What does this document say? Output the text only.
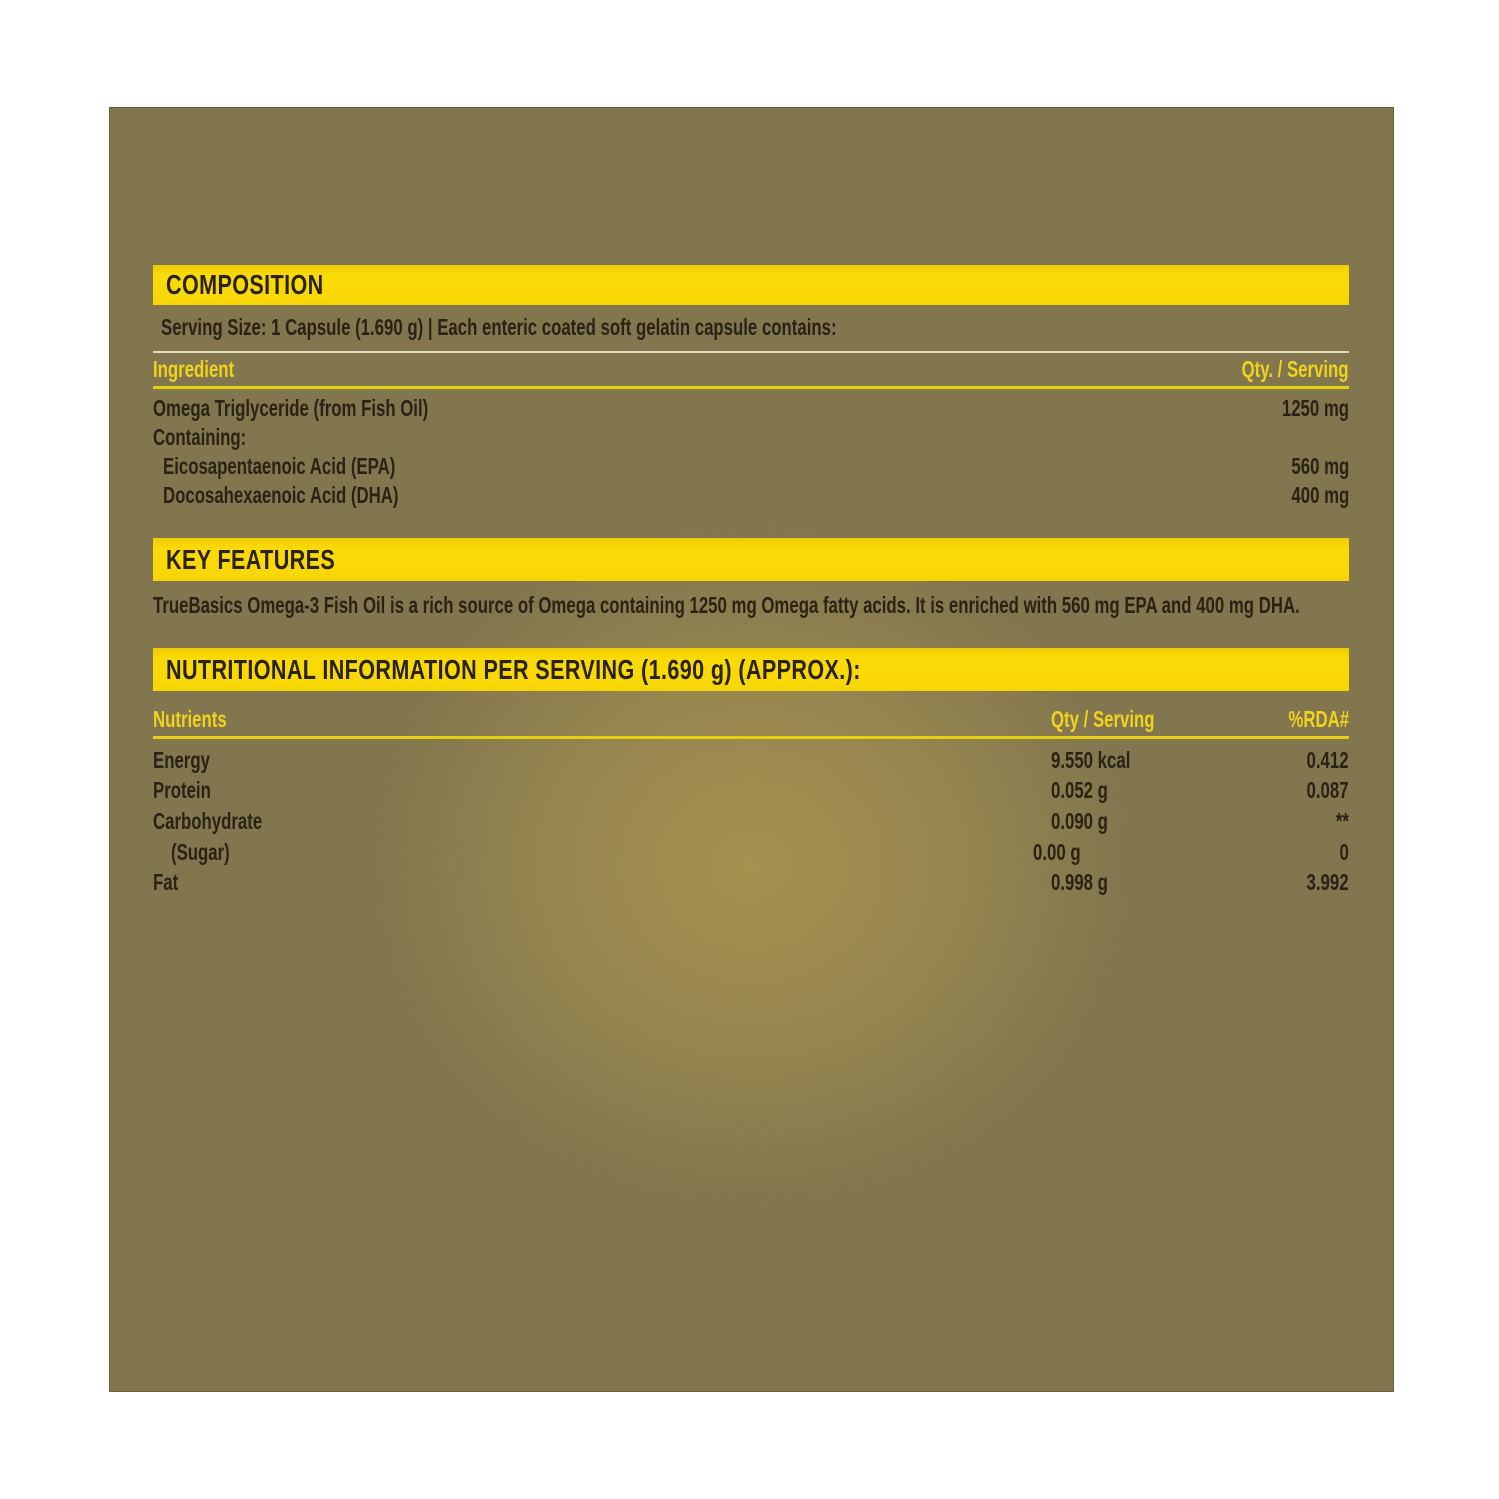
COMPOSITION
Serving Size: 1 Capsule (1.690 g) | Each enteric coated soft gelatin capsule contains:
Ingredient	Qty. / Serving
Omega Triglyceride (from Fish Oil)	1250 mg
Containing:
Eicosapentaenoic Acid (EPA)	560 mg
Docosahexaenoic Acid (DHA)	400 mg
KEY FEATURES
TrueBasics Omega-3 Fish Oil is a rich source of Omega containing 1250 mg Omega fatty acids. It is enriched with 560 mg EPA and 400 mg DHA.
NUTRITIONAL INFORMATION PER SERVING (1.690 g) (APPROX.):
Nutrients	Qty / Serving	%RDA#
Energy	9.550 kcal	0.412
Protein	0.052 g	0.087
Carbohydrate	0.090 g	**
(Sugar)	0.00 g	0
Fat	0.998 g	3.992
